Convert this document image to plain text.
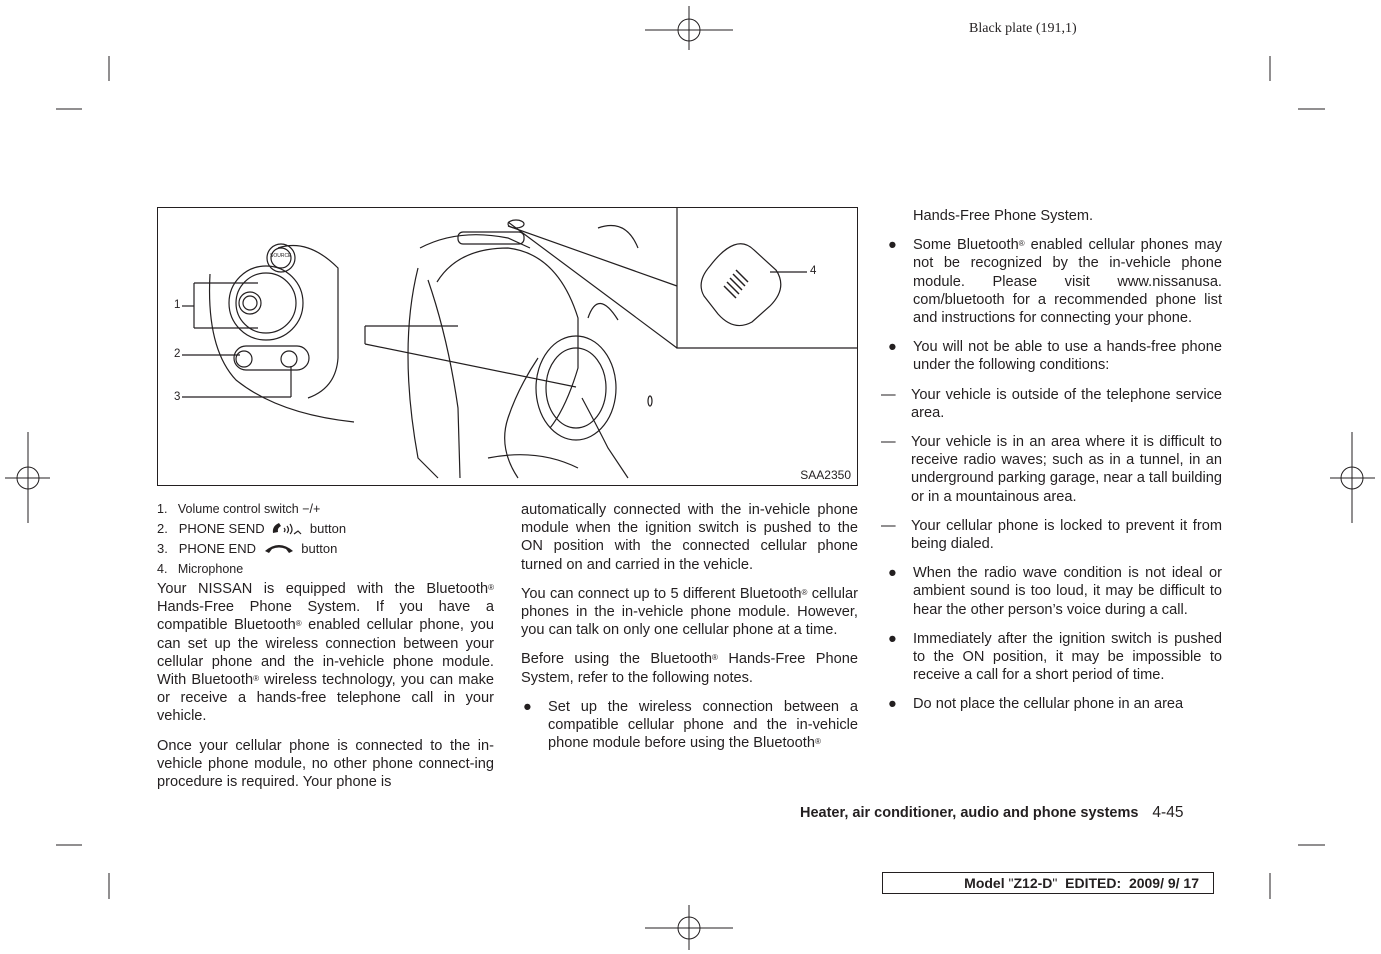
Black plate (191,1)
1
2
3
4
SOURCE
SAA2350
1. Volume control switch −/+
2. PHONE SEND	button
3. PHONE END	button
4. Microphone

Your NISSAN is equipped with the Bluetooth® Hands-Free Phone System. If you have a compatible Bluetooth® enabled cellular phone, you can set up the wireless connection between your cellular phone and the in-vehicle phone module. With Bluetooth® wireless technology, you can make or receive a hands-free telephone call in your vehicle.

Once your cellular phone is connected to the in-vehicle phone module, no other phone connect-ing procedure is required. Your phone is

automatically connected with the in-vehicle phone module when the ignition switch is pushed to the ON position with the connected cellular phone turned on and carried in the vehicle.

You can connect up to 5 different Bluetooth® cellular phones in the in-vehicle phone module. However, you can talk on only one cellular phone at a time.

Before using the Bluetooth® Hands-Free Phone System, refer to the following notes.

● Set up the wireless connection between a compatible cellular phone and the in-vehicle phone module before using the Bluetooth®

Hands-Free Phone System.

● Some Bluetooth® enabled cellular phones may not be recognized by the in-vehicle phone module. Please visit www.nissanusa. com/bluetooth for a recommended phone list and instructions for connecting your phone.
● You will not be able to use a hands-free phone under the following conditions:
— Your vehicle is outside of the telephone service area.
— Your vehicle is in an area where it is difficult to receive radio waves; such as in a tunnel, in an underground parking garage, near a tall building or in a mountainous area.
— Your cellular phone is locked to prevent it from being dialed.
● When the radio wave condition is not ideal or ambient sound is too loud, it may be difficult to hear the other person’s voice during a call.
● Immediately after the ignition switch is pushed to the ON position, it may be impossible to receive a call for a short period of time.
● Do not place the cellular phone in an area
Heater, air conditioner, audio and phone systems 4-45
Model "Z12-D" EDITED: 2009/ 9/ 17
